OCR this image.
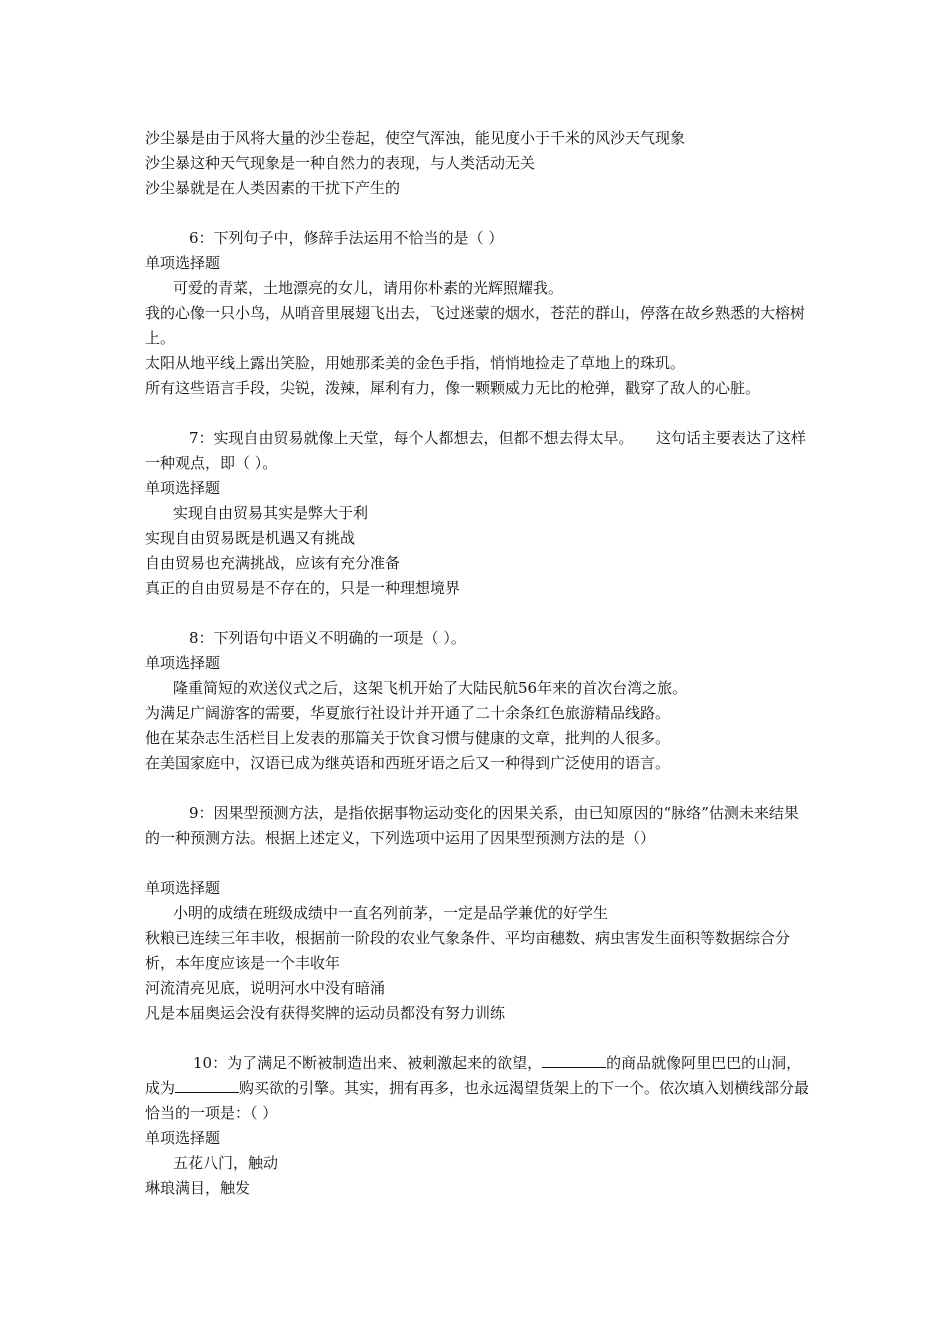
沙尘暴是由于风将大量的沙尘卷起，使空气浑浊，能见度小于千米的风沙天气现象
沙尘暴这种天气现象是一种自然力的表现，与人类活动无关
沙尘暴就是在人类因素的干扰下产生的
6：下列句子中，修辞手法运用不恰当的是（ ）
单项选择题
可爱的青菜，土地漂亮的女儿，请用你朴素的光辉照耀我。
我的心像一只小鸟，从哨音里展翅飞出去，飞过迷蒙的烟水，苍茫的群山，停落在故乡熟悉的大榕树上。
太阳从地平线上露出笑脸，用她那柔美的金色手指，悄悄地捡走了草地上的珠玑。
所有这些语言手段，尖锐，泼辣，犀利有力，像一颗颗威力无比的枪弹，戳穿了敌人的心脏。
7：实现自由贸易就像上天堂，每个人都想去，但都不想去得太早。　　这句话主要表达了这样一种观点，即（ ）。
单项选择题
实现自由贸易其实是弊大于利
实现自由贸易既是机遇又有挑战
自由贸易也充满挑战，应该有充分准备
真正的自由贸易是不存在的，只是一种理想境界
8：下列语句中语义不明确的一项是（ ）。
单项选择题
隆重简短的欢送仪式之后，这架飞机开始了大陆民航56年来的首次台湾之旅。
为满足广阔游客的需要，华夏旅行社设计并开通了二十余条红色旅游精品线路。
他在某杂志生活栏目上发表的那篇关于饮食习惯与健康的文章，批判的人很多。
在美国家庭中，汉语已成为继英语和西班牙语之后又一种得到广泛使用的语言。
9：因果型预测方法，是指依据事物运动变化的因果关系，由已知原因的“脉络”估测未来结果的一种预测方法。根据上述定义，下列选项中运用了因果型预测方法的是（）
单项选择题
小明的成绩在班级成绩中一直名列前茅，一定是品学兼优的好学生
秋粮已连续三年丰收，根据前一阶段的农业气象条件、平均亩穗数、病虫害发生面积等数据综合分析，本年度应该是一个丰收年
河流清亮见底，说明河水中没有暗涌
凡是本届奥运会没有获得奖牌的运动员都没有努力训练
10：为了满足不断被制造出来、被刺激起来的欲望，	的商品就像阿里巴巴的山洞，成为	购买欲的引擎。其实，拥有再多，也永远渴望货架上的下一个。依次填入划横线部分最恰当的一项是：（ ）
单项选择题
五花八门，触动
琳琅满目，触发
